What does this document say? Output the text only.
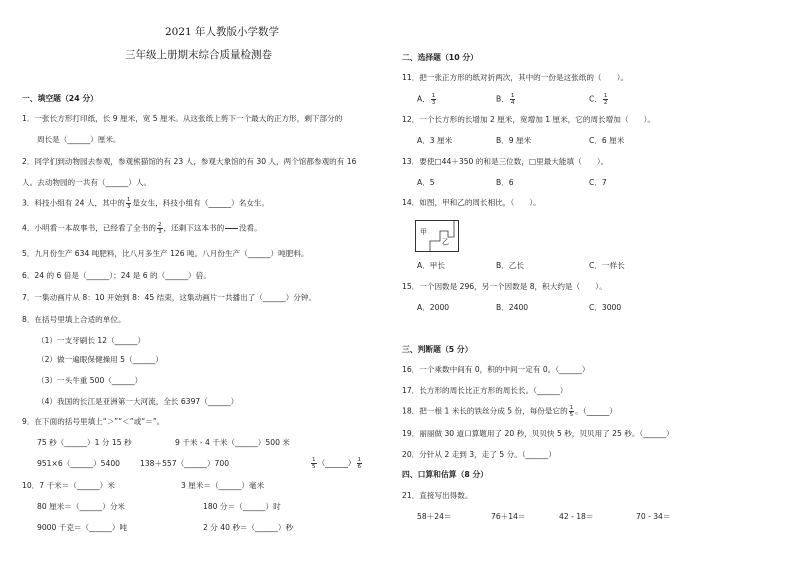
2021 年人教版小学数学
三年级上册期末综合质量检测卷
一、填空题（24 分）
1．一张长方形打印纸，长 9 厘米，宽 5 厘米。从这张纸上剪下一个最大的正方形，剩下部分的
周长是（______）厘米。
2．同学们到动物园去参观，参观熊猫馆的有 23 人，参观大象馆的有 30 人，两个馆都参观的有 16
人。去动物园的一共有（______）人。
3．科技小组有 24 人，其中的 $\frac{1}{3}$ 是女生，科技小组有（______）名女生。
4．小明看一本故事书，已经看了全书的 $\frac{2}{3}$ ，还剩下这本书的

没看。
5．九月份生产 634 吨肥料，比八月多生产 126 吨。八月份生产（______）吨肥料。
6．24 的 6 倍是（______）；24 是 6 的（______）倍。
7．一集动画片从 8：10 开始到 8：45 结束，这集动画片一共播出了（______）分钟。
8．在括号里填上合适的单位。
（1）一支牙刷长 12（______）
（2）做一遍眼保健操用 5（______）
（3）一头牛重 500（______）
（4）我国的长江是亚洲第一大河流，全长 6397（______）
9．在下面的括号里填上“＞”“＜”或“＝”。
75 秒（______）1 分 15 秒	9 千米 - 4 千米（______）500 米
951×6（______）5400	138＋557（______）700	$\frac{1}{5}$ （______） $\frac{1}{6}$
10．7 千米＝（______）米	3 厘米＝（______）毫米
80 厘米＝（______）分米	180 分＝（______）时
9000 千克＝（______）吨	2 分 40 秒＝（______）秒
二、选择题（10 分）
11．把一张正方形的纸对折两次，其中的一份是这张纸的（　　）。
A． $\frac{1}{3}$	B． $\frac{1}{4}$	C． $\frac{1}{2}$
12．一个长方形的长增加 2 厘米，宽增加 1 厘米，它的周长增加（　　）。
A．3 厘米	B．9 厘米	C．6 厘米
13．要使□44＋350 的和是三位数，□里最大能填（　　）。
A．5	B．6	C．7
14．如图，甲和乙的周长相比，（　　）。
甲
乙
A．甲长	B．乙长	C．一样长
15．一个因数是 296，另一个因数是 8，积大约是（　　）。
A．2000	B．2400	C．3000
三、判断题（5 分）
16．一个乘数中间有 0，积的中间一定有 0。（______）
17．长方形的周长比正方形的周长长。（______）
18．把一根 1 米长的铁丝分成 5 份，每份是它的 $\frac{1}{5}$ 。（______）
19．丽丽做 30 道口算题用了 20 秒，贝贝快 5 秒，贝贝用了 25 秒。（______）
20．分针从 2 走到 3，走了 5 分。（______）
四、口算和估算（8 分）
21．直接写出得数。
58＋24＝	76＋14＝	42 - 18＝	70 - 34＝
